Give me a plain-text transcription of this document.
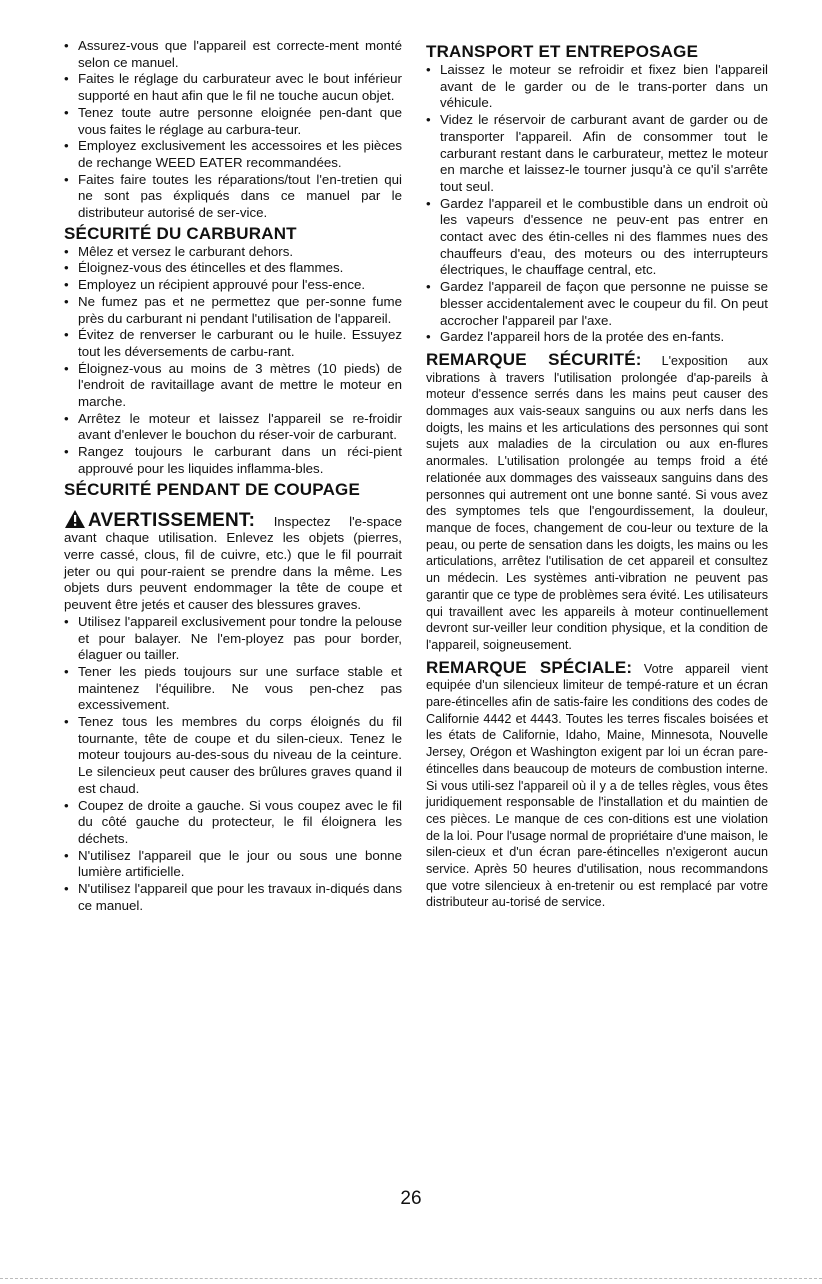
• Assurez-vous que l'appareil est correcte-ment monté selon ce manuel.
• Faites le réglage du carburateur avec le bout inférieur supporté en haut afin que le fil ne touche aucun objet.
• Tenez toute autre personne eloignée pen-dant que vous faites le réglage au carbura-teur.
• Employez exclusivement les accessoires et les pièces de rechange WEED EATER recommandées.
• Faites faire toutes les réparations/tout l'en-tretien qui ne sont pas éxpliqués dans ce manuel par le distributeur autorisé de ser-vice.
SÉCURITÉ DU CARBURANT
• Mêlez et versez le carburant dehors.
• Éloignez-vous des étincelles et des flammes.
• Employez un récipient approuvé pour l'ess-ence.
• Ne fumez pas et ne permettez que per-sonne fume près du carburant ni pendant l'utilisation de l'appareil.
• Évitez de renverser le carburant ou le huile. Essuyez tout les déversements de carbu-rant.
• Éloignez-vous au moins de 3 mètres (10 pieds) de l'endroit de ravitaillage avant de mettre le moteur en marche.
• Arrêtez le moteur et laissez l'appareil se re-froidir avant d'enlever le bouchon du réser-voir de carburant.
• Rangez toujours le carburant dans un réci-pient approuvé pour les liquides inflamma-bles.
SÉCURITÉ PENDANT DE COUPAGE

AVERTISSEMENT: Inspectez l'e-space avant chaque utilisation. Enlevez les objets (pierres, verre cassé, clous, fil de cuivre, etc.) que le fil pourrait jeter ou qui pour-raient se prendre dans la même. Les objets durs peuvent endommager la tête de coupe et peuvent être jetés et causer des blessures graves.

• Utilisez l'appareil exclusivement pour tondre la pelouse et pour balayer. Ne l'em-ployez pas pour border, élaguer ou tailler.
• Tener les pieds toujours sur une surface stable et maintenez l'équilibre. Ne vous pen-chez pas excessivement.
• Tenez tous les membres du corps éloignés du fil tournante, tête de coupe et du silen-cieux. Tenez le moteur toujours au-des-sous du niveau de la ceinture. Le silencieux peut causer des brûlures graves quand il est chaud.
• Coupez de droite a gauche. Si vous coupez avec le fil du côté gauche du protecteur, le fil éloignera les déchets.
• N'utilisez l'appareil que le jour ou sous une bonne lumière artificielle.
• N'utilisez l'appareil que pour les travaux in-diqués dans ce manuel.
TRANSPORT ET ENTREPOSAGE
• Laissez le moteur se refroidir et fixez bien l'appareil avant de le garder ou de le trans-porter dans un véhicule.
• Videz le réservoir de carburant avant de garder ou de transporter l'appareil. Afin de consommer tout le carburant restant dans le carburateur, mettez le moteur en marche et laissez-le tourner jusqu'à ce qu'il s'arrête tout seul.
• Gardez l'appareil et le combustible dans un endroit où les vapeurs d'essence ne peuv-ent pas entrer en contact avec des étin-celles ni des flammes nues des chauffeurs d'eau, des moteurs ou des interrupteurs électriques, le chauffage central, etc.
• Gardez l'appareil de façon que personne ne puisse se blesser accidentalement avec le coupeur du fil. On peut accrocher l'appareil par l'axe.
• Gardez l'appareil hors de la protée des en-fants.

REMARQUE SÉCURITÉ: L'exposition aux vibrations à travers l'utilisation prolongée d'ap-pareils à moteur d'essence serrés dans les mains peut causer des dommages aux vais-seaux sanguins ou aux nerfs dans les doigts, les mains et les articulations des personnes qui sont sujets aux maladies de la circulation ou aux en-flures anormales. L'utilisation prolongée au temps froid a été relationée aux dommages des vaisseaux sanguins dans des personnes qui autrement ont une bonne santé. Si vous avez des symptomes tels que l'engourdissement, la douleur, manque de foces, changement de cou-leur ou texture de la peau, ou perte de sensation dans les doigts, les mains ou les articulations, arrêtez l'utilisation de cet appareil et consultez un médecin. Les systèmes anti-vibration ne peuvent pas garantir que ce type de problèmes sera évité. Les utilisateurs qui travaillent avec les appareils à moteur continuellement devront sur-veiller leur condition physique, et la condition de l'appareil, soigneusement.

REMARQUE SPÉCIALE: Votre appareil vient equipée d'un silencieux limiteur de tempé-rature et un écran pare-étincelles afin de satis-faire les conditions des codes de Californie 4442 et 4443. Toutes les terres fiscales boisées et les états de Californie, Idaho, Maine, Minnesota, Nouvelle Jersey, Orégon et Washington exigent par loi un écran pare-étincelles dans beaucoup de moteurs de combustion interne. Si vous utili-sez l'appareil où il y a de telles règles, vous êtes juridiquement responsable de l'installation et du maintien de ces pièces. Le manque de ces con-ditions est une violation de la loi. Pour l'usage normal de propriétaire d'une maison, le silen-cieux et d'un écran pare-étincelles n'exigeront aucun service. Après 50 heures d'utilisation, nous recommandons que votre silencieux à en-tretenir ou est remplacé par votre distributeur au-torisé de service.

26
